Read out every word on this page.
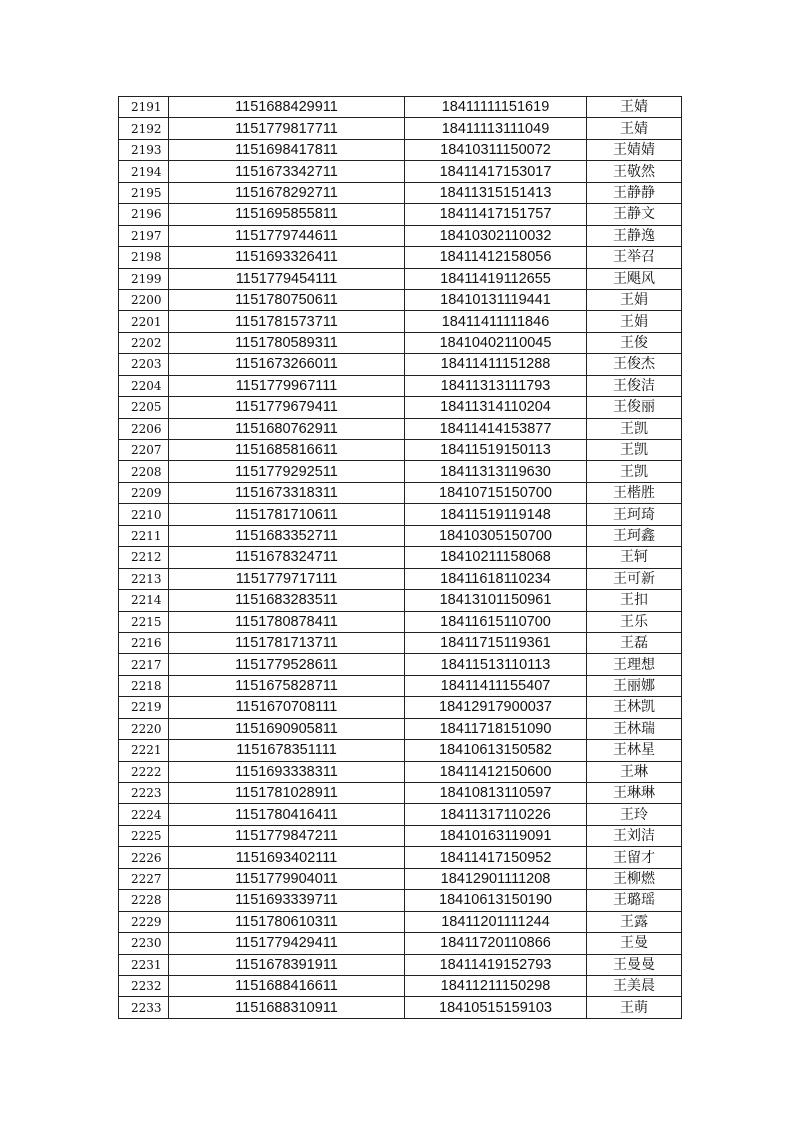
2191	1151688429911	18411111151619	王婧
2192	1151779817711	18411113111049	王婧
2193	1151698417811	18410311150072	王婧婧
2194	1151673342711	18411417153017	王敬然
2195	1151678292711	18411315151413	王静静
2196	1151695855811	18411417151757	王静文
2197	1151779744611	18410302110032	王静逸
2198	1151693326411	18411412158056	王举召
2199	1151779454111	18411419112655	王飓风
2200	1151780750611	18410131119441	王娟
2201	1151781573711	18411411111846	王娟
2202	1151780589311	18410402110045	王俊
2203	1151673266011	18411411151288	王俊杰
2204	1151779967111	18411313111793	王俊洁
2205	1151779679411	18411314110204	王俊丽
2206	1151680762911	18411414153877	王凯
2207	1151685816611	18411519150113	王凯
2208	1151779292511	18411313119630	王凯
2209	1151673318311	18410715150700	王楷胜
2210	1151781710611	18411519119148	王珂琦
2211	1151683352711	18410305150700	王珂鑫
2212	1151678324711	18410211158068	王轲
2213	1151779717111	18411618110234	王可新
2214	1151683283511	18413101150961	王扣
2215	1151780878411	18411615110700	王乐
2216	1151781713711	18411715119361	王磊
2217	1151779528611	18411513110113	王理想
2218	1151675828711	18411411155407	王丽娜
2219	1151670708111	18412917900037	王林凯
2220	1151690905811	18411718151090	王林瑞
2221	1151678351111	18410613150582	王林星
2222	1151693338311	18411412150600	王琳
2223	1151781028911	18410813110597	王琳琳
2224	1151780416411	18411317110226	王玲
2225	1151779847211	18410163119091	王刘洁
2226	1151693402111	18411417150952	王留才
2227	1151779904011	18412901111208	王柳燃
2228	1151693339711	18410613150190	王璐瑶
2229	1151780610311	18411201111244	王露
2230	1151779429411	18411720110866	王曼
2231	1151678391911	18411419152793	王曼曼
2232	1151688416611	18411211150298	王美晨
2233	1151688310911	18410515159103	王萌
